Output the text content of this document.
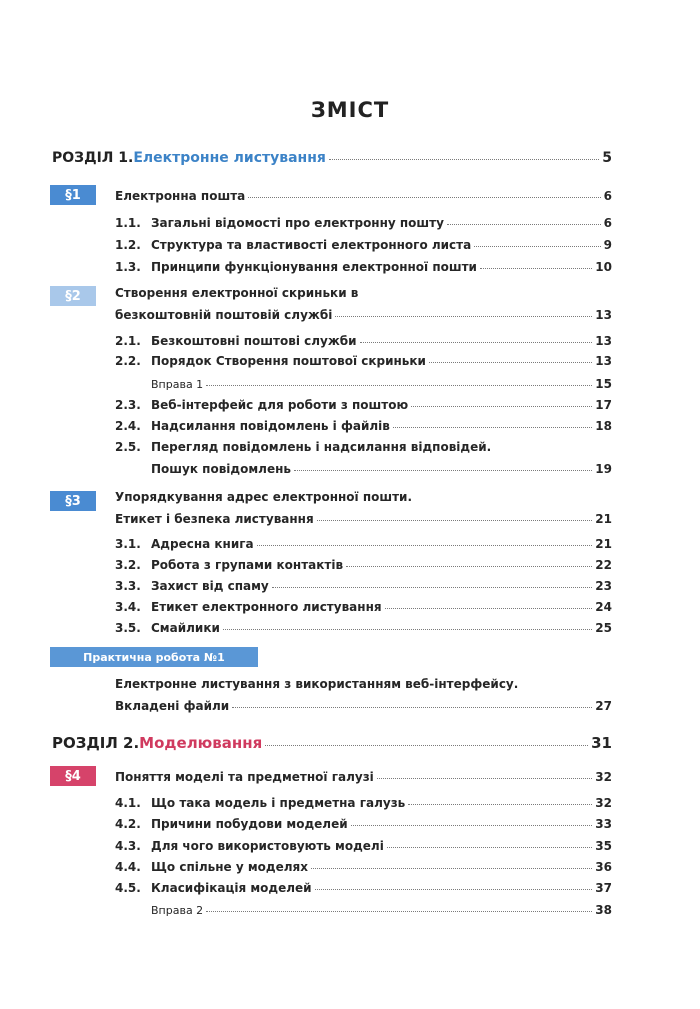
ЗМІСТ
РОЗДІЛ 1. Електронне листування	5
§1	Електронна пошта	6
1.1. Загальні відомості про електронну пошту	6
1.2. Структура та властивості електронного листа	9
1.3. Принципи функціонування електронної пошти	10
§2	Створення електронної скриньки в
безкоштовній поштовій службі	13
2.1. Безкоштовні поштові служби	13
2.2. Порядок Створення поштової скриньки	13
Вправа 1	15
2.3. Веб-інтерфейс для роботи з поштою	17
2.4. Надсилання повідомлень і файлів	18
2.5. Перегляд повідомлень і надсилання відповідей.
Пошук повідомлень	19
§3	Упорядкування адрес електронної пошти.
Етикет і безпека листування	21
3.1. Адресна книга	21
3.2. Робота з групами контактів	22
3.3. Захист від спаму	23
3.4. Етикет електронного листування	24
3.5. Смайлики	25
Практична робота №1
Електронне листування з використанням веб-інтерфейсу.
Вкладені файли	27
РОЗДІЛ 2. Моделювання	31
§4	Поняття моделі та предметної галузі	32
4.1. Що така модель і предметна галузь	32
4.2. Причини побудови моделей	33
4.3. Для чого використовують моделі	35
4.4. Що спільне у моделях	36
4.5. Класифікація моделей	37
Вправа 2	38
